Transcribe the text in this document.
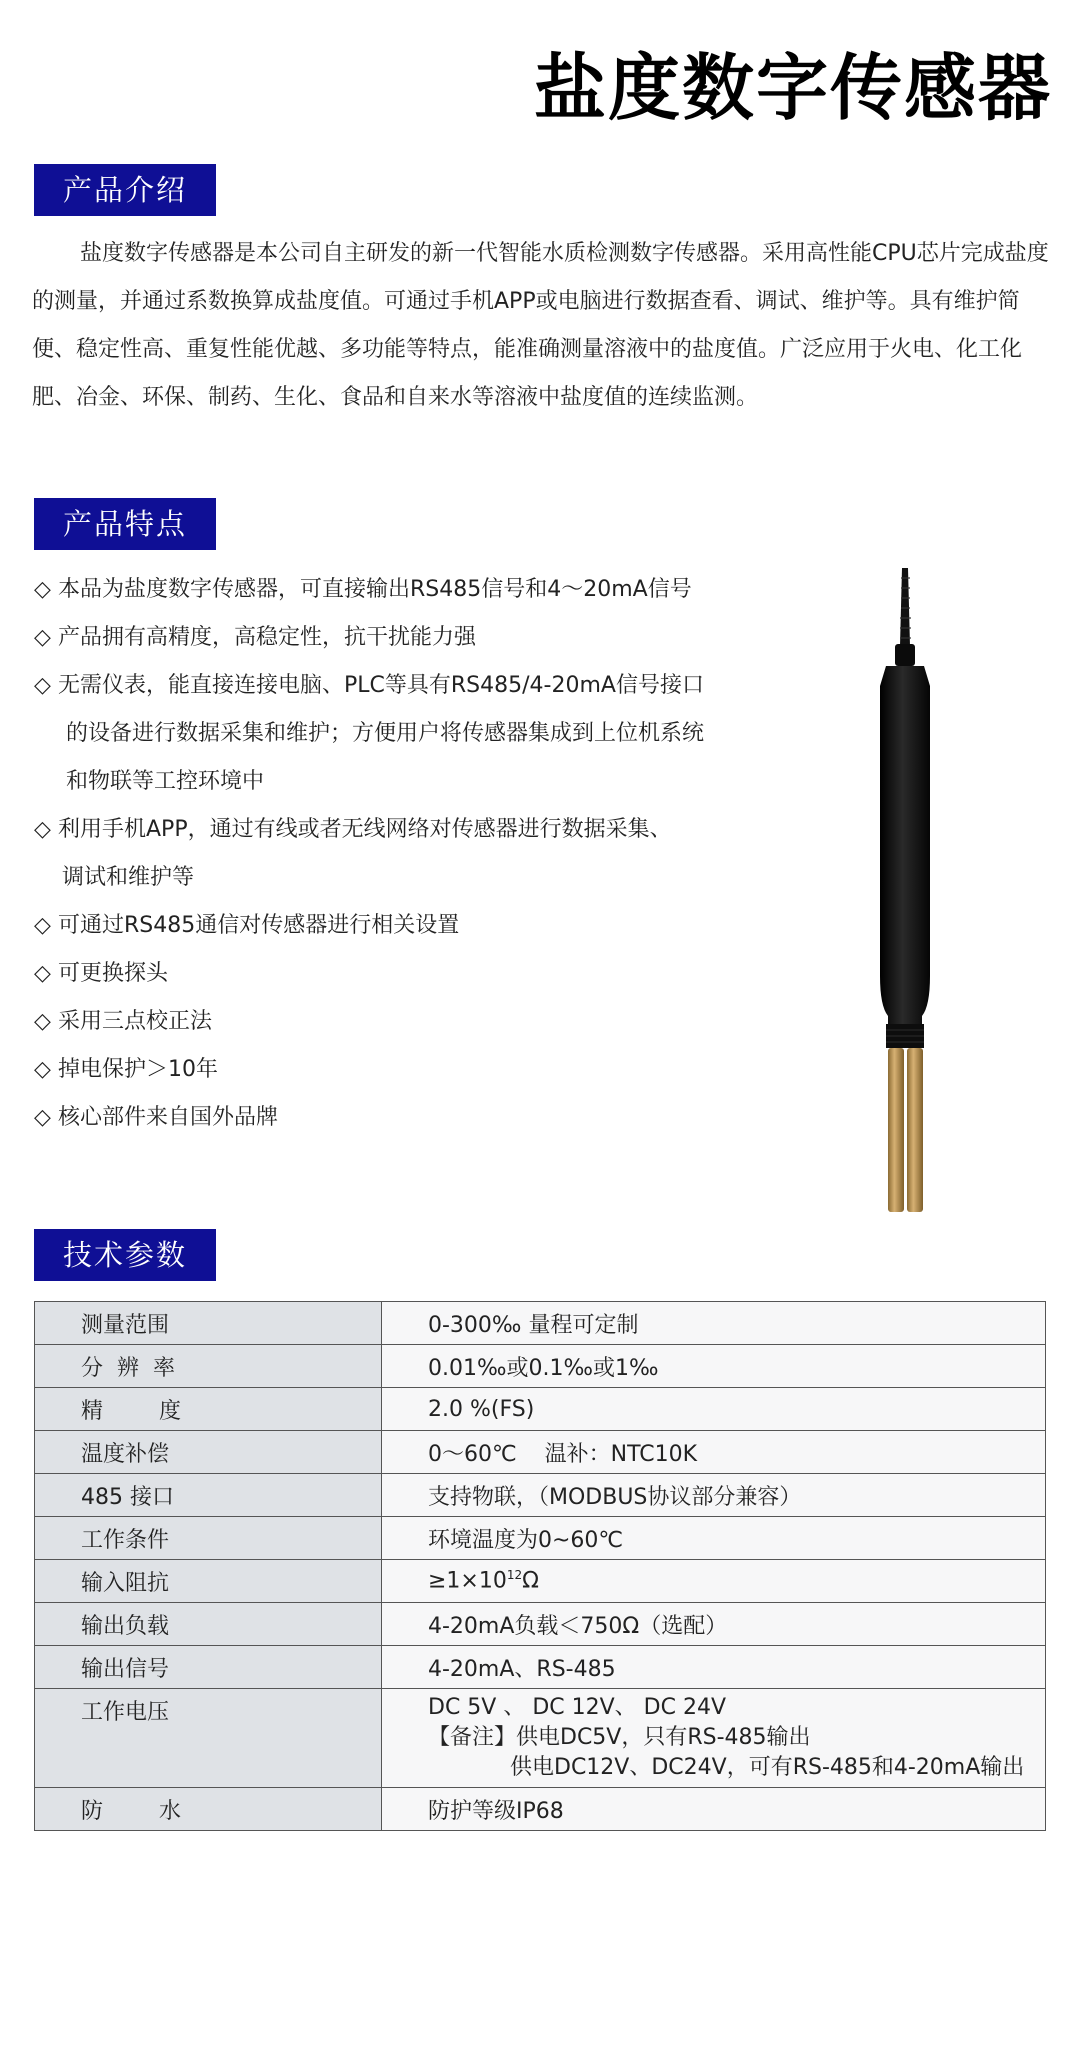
盐度数字传感器
产品介绍

盐度数字传感器是本公司自主研发的新一代智能水质检测数字传感器。采用高性能CPU芯片完成盐度的测量，并通过系数换算成盐度值。可通过手机APP或电脑进行数据查看、调试、维护等。具有维护简便、稳定性高、重复性能优越、多功能等特点，能准确测量溶液中的盐度值。广泛应用于火电、化工化肥、冶金、环保、制药、生化、食品和自来水等溶液中盐度值的连续监测。

产品特点
◇ 本品为盐度数字传感器，可直接输出RS485信号和4～20mA信号
◇ 产品拥有高精度，高稳定性，抗干扰能力强
◇ 无需仪表，能直接连接电脑、PLC等具有RS485/4-20mA信号接口
的设备进行数据采集和维护；方便用户将传感器集成到上位机系统
和物联等工控环境中
◇ 利用手机APP，通过有线或者无线网络对传感器进行数据采集、
调试和维护等
◇ 可通过RS485通信对传感器进行相关设置
◇ 可更换探头
◇ 采用三点校正法
◇ 掉电保护＞10年
◇ 核心部件来自国外品牌
技术参数
测量范围	0-300‰ 量程可定制
分  辨  率	0.01‰或0.1‰或1‰
精        度	2.0 %(FS)
温度补偿	0～60℃    温补：NTC10K
485 接口	支持物联，（MODBUS协议部分兼容）
工作条件	环境温度为0~60℃
输入阻抗	$\ge 1\times 10^{12}\Omega$
输出负载	4-20mA负载＜750Ω（选配）
输出信号	4-20mA、RS-485
工作电压	DC 5V 、 DC 12V、 DC 24V
【备注】供电DC5V，只有RS-485输出
供电DC12V、DC24V，可有RS-485和4-20mA输出

防        水	防护等级IP68
